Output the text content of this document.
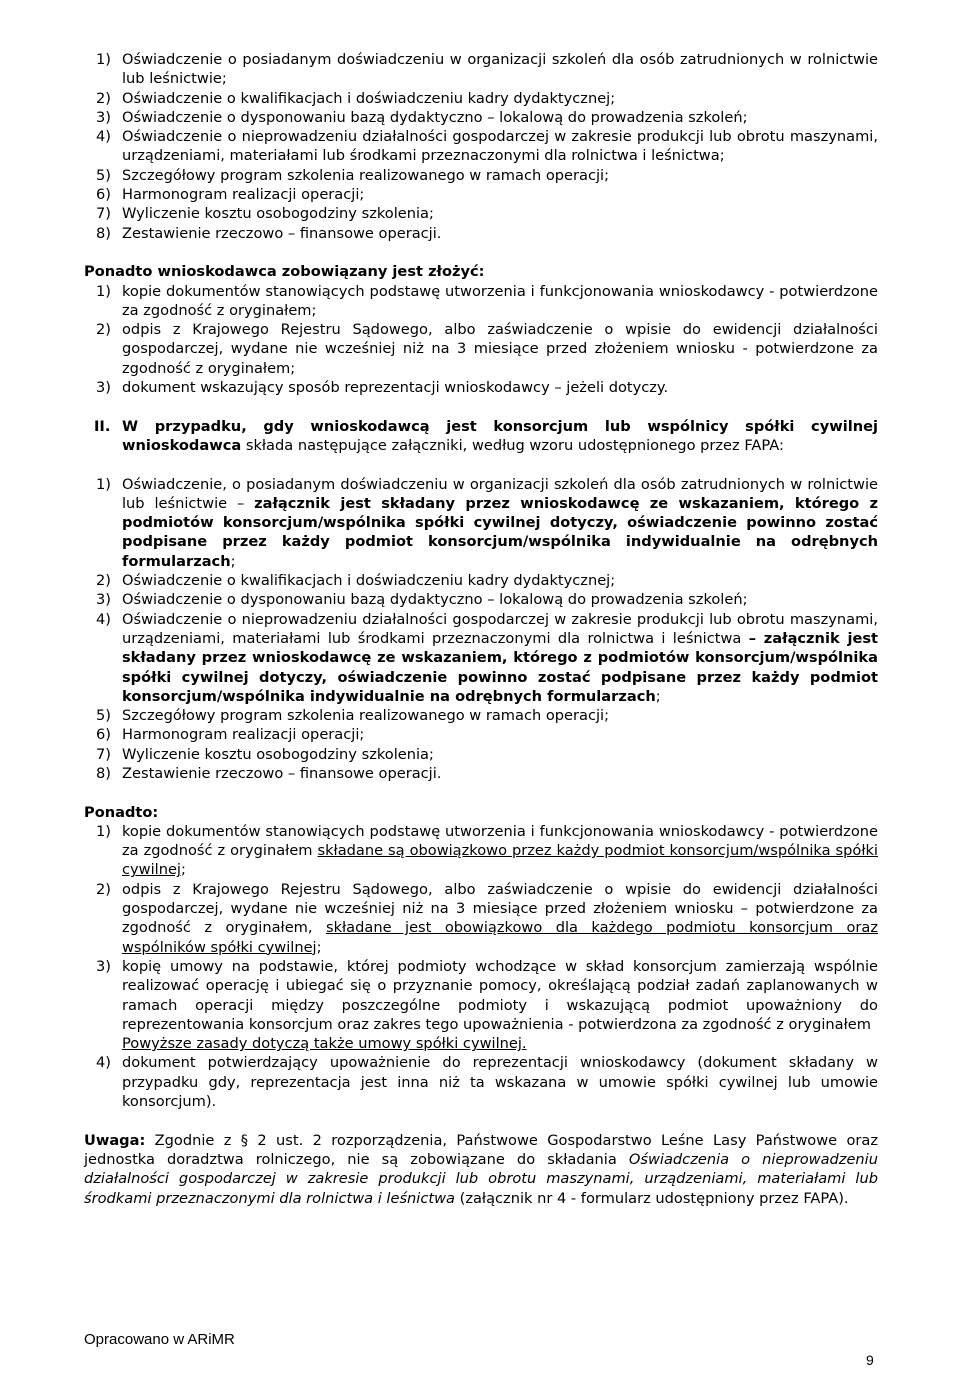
1) Oświadczenie o posiadanym doświadczeniu w organizacji szkoleń dla osób zatrudnionych w rolnictwie lub leśnictwie;
2) Oświadczenie o kwalifikacjach i doświadczeniu kadry dydaktycznej;
3) Oświadczenie o dysponowaniu bazą dydaktyczno – lokalową do prowadzenia szkoleń;
4) Oświadczenie o nieprowadzeniu działalności gospodarczej w zakresie produkcji lub obrotu maszynami, urządzeniami, materiałami lub środkami przeznaczonymi dla rolnictwa i leśnictwa;
5) Szczegółowy program szkolenia realizowanego w ramach operacji;
6) Harmonogram realizacji operacji;
7) Wyliczenie kosztu osobogodziny szkolenia;
8) Zestawienie rzeczowo – finansowe operacji.
Ponadto wnioskodawca zobowiązany jest złożyć:
1) kopie dokumentów stanowiących podstawę utworzenia i funkcjonowania wnioskodawcy - potwierdzone za zgodność z oryginałem;
2) odpis z Krajowego Rejestru Sądowego, albo zaświadczenie o wpisie do ewidencji działalności gospodarczej, wydane nie wcześniej niż na 3 miesiące przed złożeniem wniosku - potwierdzone za zgodność z oryginałem;
3) dokument wskazujący sposób reprezentacji wnioskodawcy – jeżeli dotyczy.
II. W przypadku, gdy wnioskodawcą jest konsorcjum lub wspólnicy spółki cywilnej wnioskodawca składa następujące załączniki, według wzoru udostępnionego przez FAPA:
1) Oświadczenie, o posiadanym doświadczeniu w organizacji szkoleń dla osób zatrudnionych w rolnictwie lub leśnictwie – załącznik jest składany przez wnioskodawcę ze wskazaniem, którego z podmiotów konsorcjum/wspólnika spółki cywilnej dotyczy, oświadczenie powinno zostać podpisane przez każdy podmiot konsorcjum/wspólnika indywidualnie na odrębnych formularzach;
2) Oświadczenie o kwalifikacjach i doświadczeniu kadry dydaktycznej;
3) Oświadczenie o dysponowaniu bazą dydaktyczno – lokalową do prowadzenia szkoleń;
4) Oświadczenie o nieprowadzeniu działalności gospodarczej w zakresie produkcji lub obrotu maszynami, urządzeniami, materiałami lub środkami przeznaczonymi dla rolnictwa i leśnictwa – załącznik jest składany przez wnioskodawcę ze wskazaniem, którego z podmiotów konsorcjum/wspólnika spółki cywilnej dotyczy, oświadczenie powinno zostać podpisane przez każdy podmiot konsorcjum/wspólnika indywidualnie na odrębnych formularzach;
5) Szczegółowy program szkolenia realizowanego w ramach operacji;
6) Harmonogram realizacji operacji;
7) Wyliczenie kosztu osobogodziny szkolenia;
8) Zestawienie rzeczowo – finansowe operacji.
Ponadto:
1) kopie dokumentów stanowiących podstawę utworzenia i funkcjonowania wnioskodawcy - potwierdzone za zgodność z oryginałem składane są obowiązkowo przez każdy podmiot konsorcjum/wspólnika spółki cywilnej;
2) odpis z Krajowego Rejestru Sądowego, albo zaświadczenie o wpisie do ewidencji działalności gospodarczej, wydane nie wcześniej niż na 3 miesiące przed złożeniem wniosku – potwierdzone za zgodność z oryginałem, składane jest obowiązkowo dla każdego podmiotu konsorcjum oraz wspólników spółki cywilnej;
3) kopię umowy na podstawie, której podmioty wchodzące w skład konsorcjum zamierzają wspólnie realizować operację i ubiegać się o przyznanie pomocy, określającą podział zadań zaplanowanych w ramach operacji między poszczególne podmioty i wskazującą podmiot upoważniony do reprezentowania konsorcjum oraz zakres tego upoważnienia - potwierdzona za zgodność z oryginałem
Powyższe zasady dotyczą także umowy spółki cywilnej.
4) dokument potwierdzający upoważnienie do reprezentacji wnioskodawcy (dokument składany w przypadku gdy, reprezentacja jest inna niż ta wskazana w umowie spółki cywilnej lub umowie konsorcjum).
Uwaga: Zgodnie z § 2 ust. 2 rozporządzenia, Państwowe Gospodarstwo Leśne Lasy Państwowe oraz jednostka doradztwa rolniczego, nie są zobowiązane do składania Oświadczenia o nieprowadzeniu działalności gospodarczej w zakresie produkcji lub obrotu maszynami, urządzeniami, materiałami lub środkami przeznaczonymi dla rolnictwa i leśnictwa (załącznik nr 4 - formularz udostępniony przez FAPA).
Opracowano w ARiMR
9
